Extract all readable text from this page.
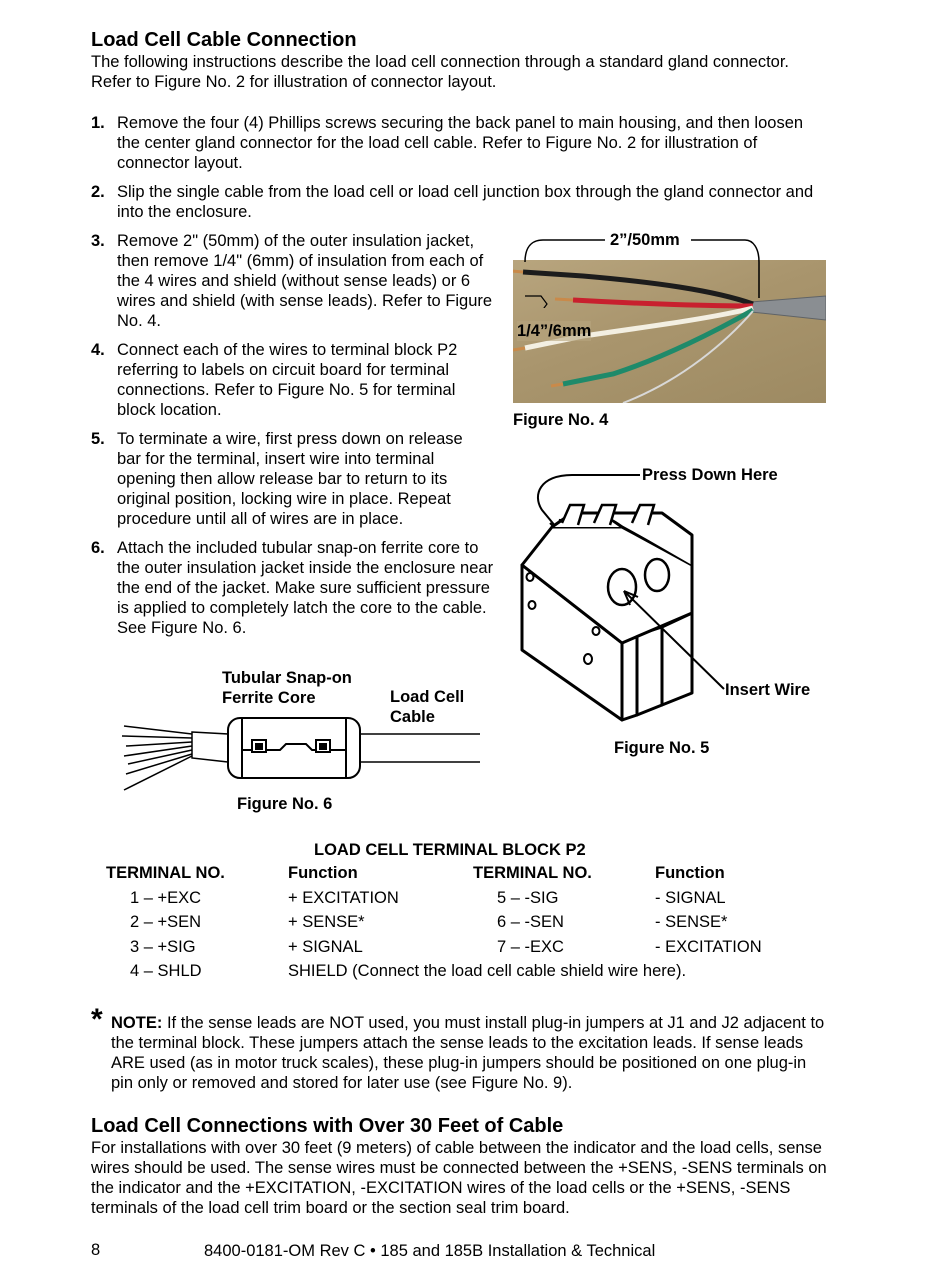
Load Cell Cable Connection

The following instructions describe the load cell connection through a standard gland connector. Refer to Figure No. 2 for illustration of connector layout.

1. Remove the four (4) Phillips screws securing the back panel to main housing, and then loosen the center gland connector for the load cell cable. Refer to Figure No. 2 for illustration of connector layout.
2. Slip the single cable from the load cell or load cell junction box through the gland connector and into the enclosure.
3. Remove 2" (50mm) of the outer insulation jacket, then remove 1/4" (6mm) of insulation from each of the 4 wires and shield (without sense leads) or 6 wires and shield (with sense leads). Refer to Figure No. 4.
4. Connect each of the wires to terminal block P2 referring to labels on circuit board for terminal connections. Refer to Figure No. 5 for terminal block location.
5. To terminate a wire, first press down on release bar for the terminal, insert wire into terminal opening then allow release bar to return to its original position, locking wire in place. Repeat procedure until all of wires are in place.
6. Attach the included tubular snap-on ferrite core to the outer insulation jacket inside the enclosure near the end of the jacket. Make sure sufficient pressure is applied to completely latch the core to the cable. See Figure No. 6.
2”/50mm
1/4”/6mm
Figure No. 4
Press Down Here
Insert Wire
Figure No. 5
Tubular Snap-on
Ferrite Core	Load Cell
Cable
Figure No. 6
LOAD CELL TERMINAL BLOCK P2
TERMINAL NO.	Function	TERMINAL NO.	Function
1 – +EXC	+ EXCITATION	5 – -SIG	- SIGNAL
2 – +SEN	+ SENSE*	6 – -SEN	- SENSE*
3 – +SIG	+ SIGNAL	7 – -EXC	- EXCITATION
4 – SHLD	SHIELD (Connect the load cell cable shield wire here).		
* NOTE: If the sense leads are NOT used, you must install plug-in jumpers at J1 and J2 adjacent to the terminal block. These jumpers attach the sense leads to the excitation leads. If sense leads ARE used (as in motor truck scales), these plug-in jumpers should be positioned on one plug-in pin only or removed and stored for later use (see Figure No. 9).
Load Cell Connections with Over 30 Feet of Cable

For installations with over 30 feet (9 meters) of cable between the indicator and the load cells, sense wires should be used. The sense wires must be connected between the +SENS, -SENS terminals on the indicator and the +EXCITATION, -EXCITATION wires of the load cells or the +SENS, -SENS terminals of the load cell trim board or the section seal trim board.

8	8400-0181-OM Rev C • 185 and 185B Installation & Technical
